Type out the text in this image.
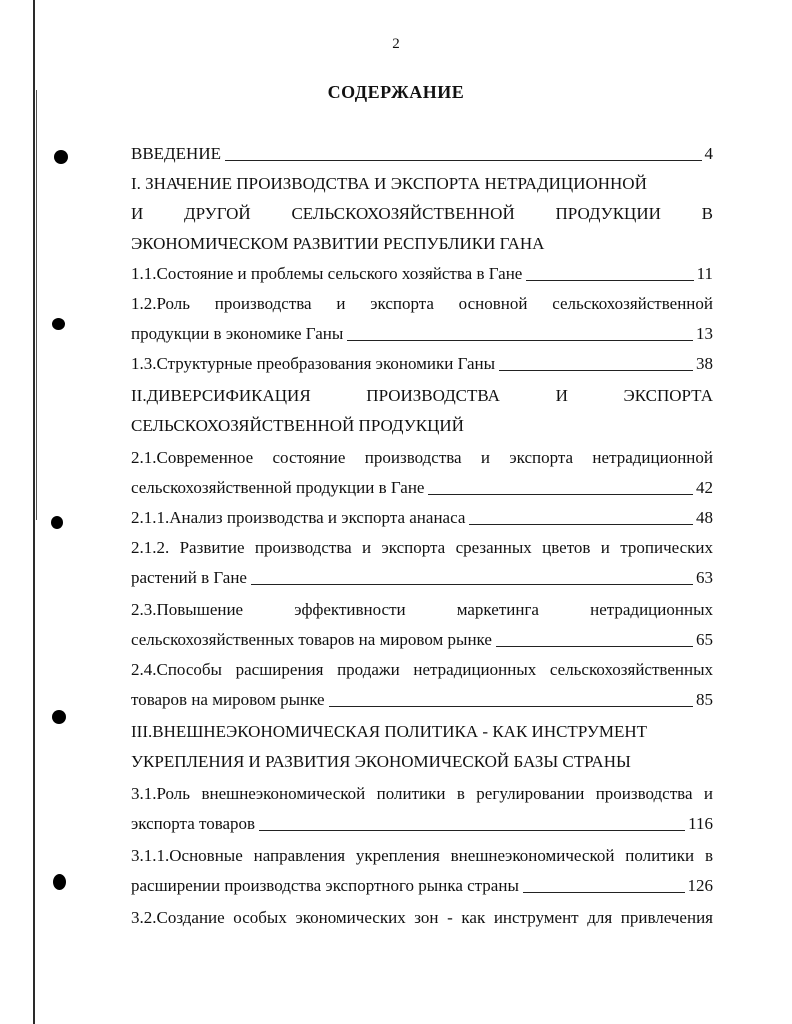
2
СОДЕРЖАНИЕ
ВВЕДЕНИЕ	4
I. ЗНАЧЕНИЕ ПРОИЗВОДСТВА И ЭКСПОРТА НЕТРАДИЦИОННОЙ
И ДРУГОЙ СЕЛЬСКОХОЗЯЙСТВЕННОЙ ПРОДУКЦИИ В
ЭКОНОМИЧЕСКОМ РАЗВИТИИ РЕСПУБЛИКИ ГАНА
1.1.Состояние и проблемы сельского хозяйства в Гане	11
1.2.Роль производства и экспорта основной сельскохозяйственной
продукции в экономике Ганы	13
1.3.Структурные преобразования экономики Ганы	38
II.ДИВЕРСИФИКАЦИЯ ПРОИЗВОДСТВА И ЭКСПОРТА
СЕЛЬСКОХОЗЯЙСТВЕННОЙ ПРОДУКЦИЙ
2.1.Современное состояние производства и экспорта нетрадиционной
сельскохозяйственной продукции в Гане	42
2.1.1.Анализ производства и экспорта ананаса	48
2.1.2. Развитие производства и экспорта срезанных цветов и тропических
растений в Гане	63
2.3.Повышение эффективности маркетинга нетрадиционных
сельскохозяйственных товаров на мировом рынке	65
2.4.Способы расширения продажи нетрадиционных сельскохозяйственных
товаров на мировом рынке	85
III.ВНЕШНЕЭКОНОМИЧЕСКАЯ ПОЛИТИКА - КАК ИНСТРУМЕНТ
УКРЕПЛЕНИЯ И РАЗВИТИЯ ЭКОНОМИЧЕСКОЙ БАЗЫ СТРАНЫ
3.1.Роль внешнеэкономической политики в регулировании производства и
экспорта товаров	116
3.1.1.Основные направления укрепления внешнеэкономической политики в
расширении производства экспортного рынка страны	126
3.2.Создание особых экономических зон - как инструмент для привлечения
